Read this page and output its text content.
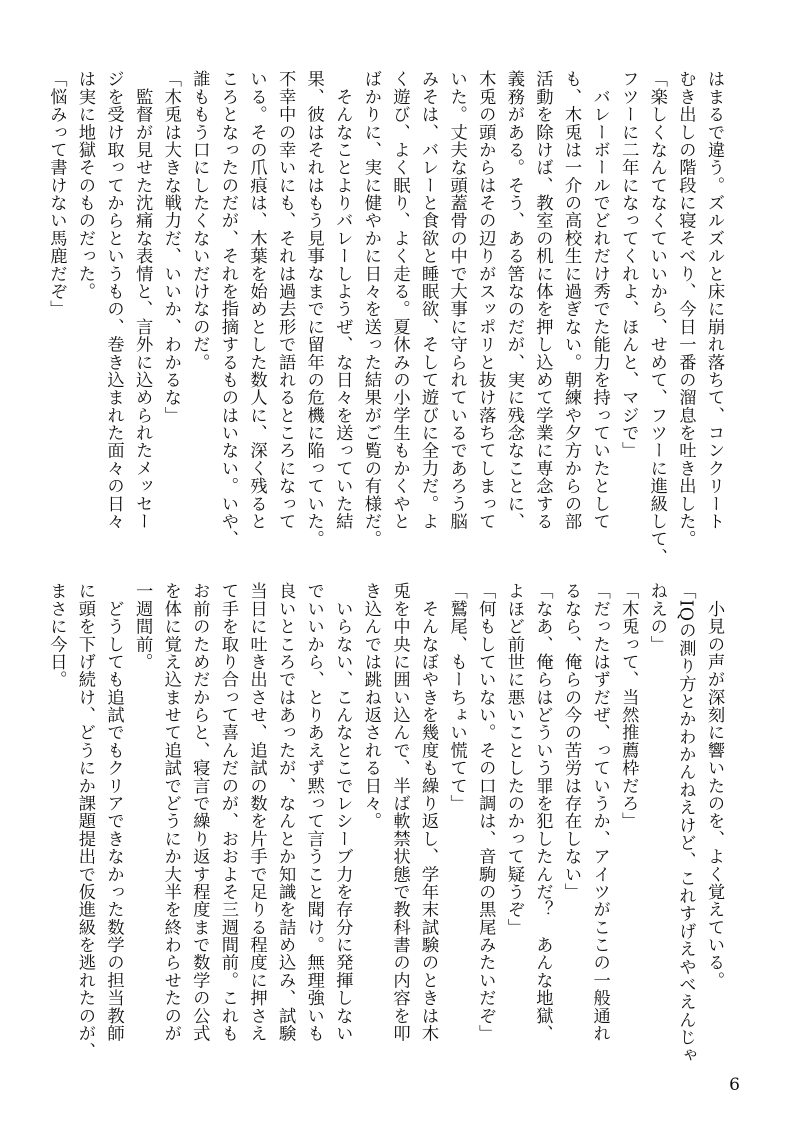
はまるで違う。ズルズルと床に崩れ落ちて、コンクリート
むき出しの階段に寝そべり、今日一番の溜息を吐き出した。
「楽しくなんてなくていいから、せめて、フツーに進級して、
フツーに二年になってくれよ、ほんと、マジで」
　バレーボールでどれだけ秀でた能力を持っていたとして
も、木兎は一介の高校生に過ぎない。朝練や夕方からの部
活動を除けば、教室の机に体を押し込めて学業に専念する
義務がある。そう、ある筈なのだが、実に残念なことに、
木兎の頭からはその辺りがスッポリと抜け落ちてしまって
いた。丈夫な頭蓋骨の中で大事に守られているであろう脳
みそは、バレーと食欲と睡眠欲、そして遊びに全力だ。よ
く遊び、よく眠り、よく走る。夏休みの小学生もかくやと
ばかりに、実に健やかに日々を送った結果がご覧の有様だ。
　そんなことよりバレーしようぜ、な日々を送っていた結
果、彼はそれはもう見事なまでに留年の危機に陥っていた。
不幸中の幸いにも、それは過去形で語れるところになって
いる。その爪痕は、木葉を始めとした数人に、深く残ると
ころとなったのだが、それを指摘するものはいない。いや、
誰ももう口にしたくないだけなのだ。
「木兎は大きな戦力だ、いいか、わかるな」
　監督が見せた沈痛な表情と、言外に込められたメッセー
ジを受け取ってからというもの、巻き込まれた面々の日々
は実に地獄そのものだった。
「悩みって書けない馬鹿だぞ」
　小見の声が深刻に響いたのを、よく覚えている。
「IQの測り方とかわかんねえけど、これすげえやべえんじゃ
ねえの」
「木兎って、当然推薦枠だろ」
「だったはずだぜ、っていうか、アイツがここの一般通れ
るなら、俺らの今の苦労は存在しない」
「なあ、俺らはどういう罪を犯したんだ？　あんな地獄、
よほど前世に悪いことしたのかって疑うぞ」
「何もしていない。その口調は、音駒の黒尾みたいだぞ」
「鷲尾、もーちょい慌てて」
　そんなぼやきを幾度も繰り返し、学年末試験のときは木
兎を中央に囲い込んで、半ば軟禁状態で教科書の内容を叩
き込んでは跳ね返される日々。
　いらない、こんなとこでレシーブ力を存分に発揮しない
でいいから、とりあえず黙って言うこと聞け。無理強いも
良いところではあったが、なんとか知識を詰め込み、試験
当日に吐き出させ、追試の数を片手で足りる程度に押さえ
て手を取り合って喜んだのが、おおよそ三週間前。これも
お前のためだからと、寝言で繰り返す程度まで数学の公式
を体に覚え込ませて追試でどうにか大半を終わらせたのが
一週間前。
　どうしても追試でもクリアできなかった数学の担当教師
に頭を下げ続け、どうにか課題提出で仮進級を逃れたのが、
まさに今日。
6
